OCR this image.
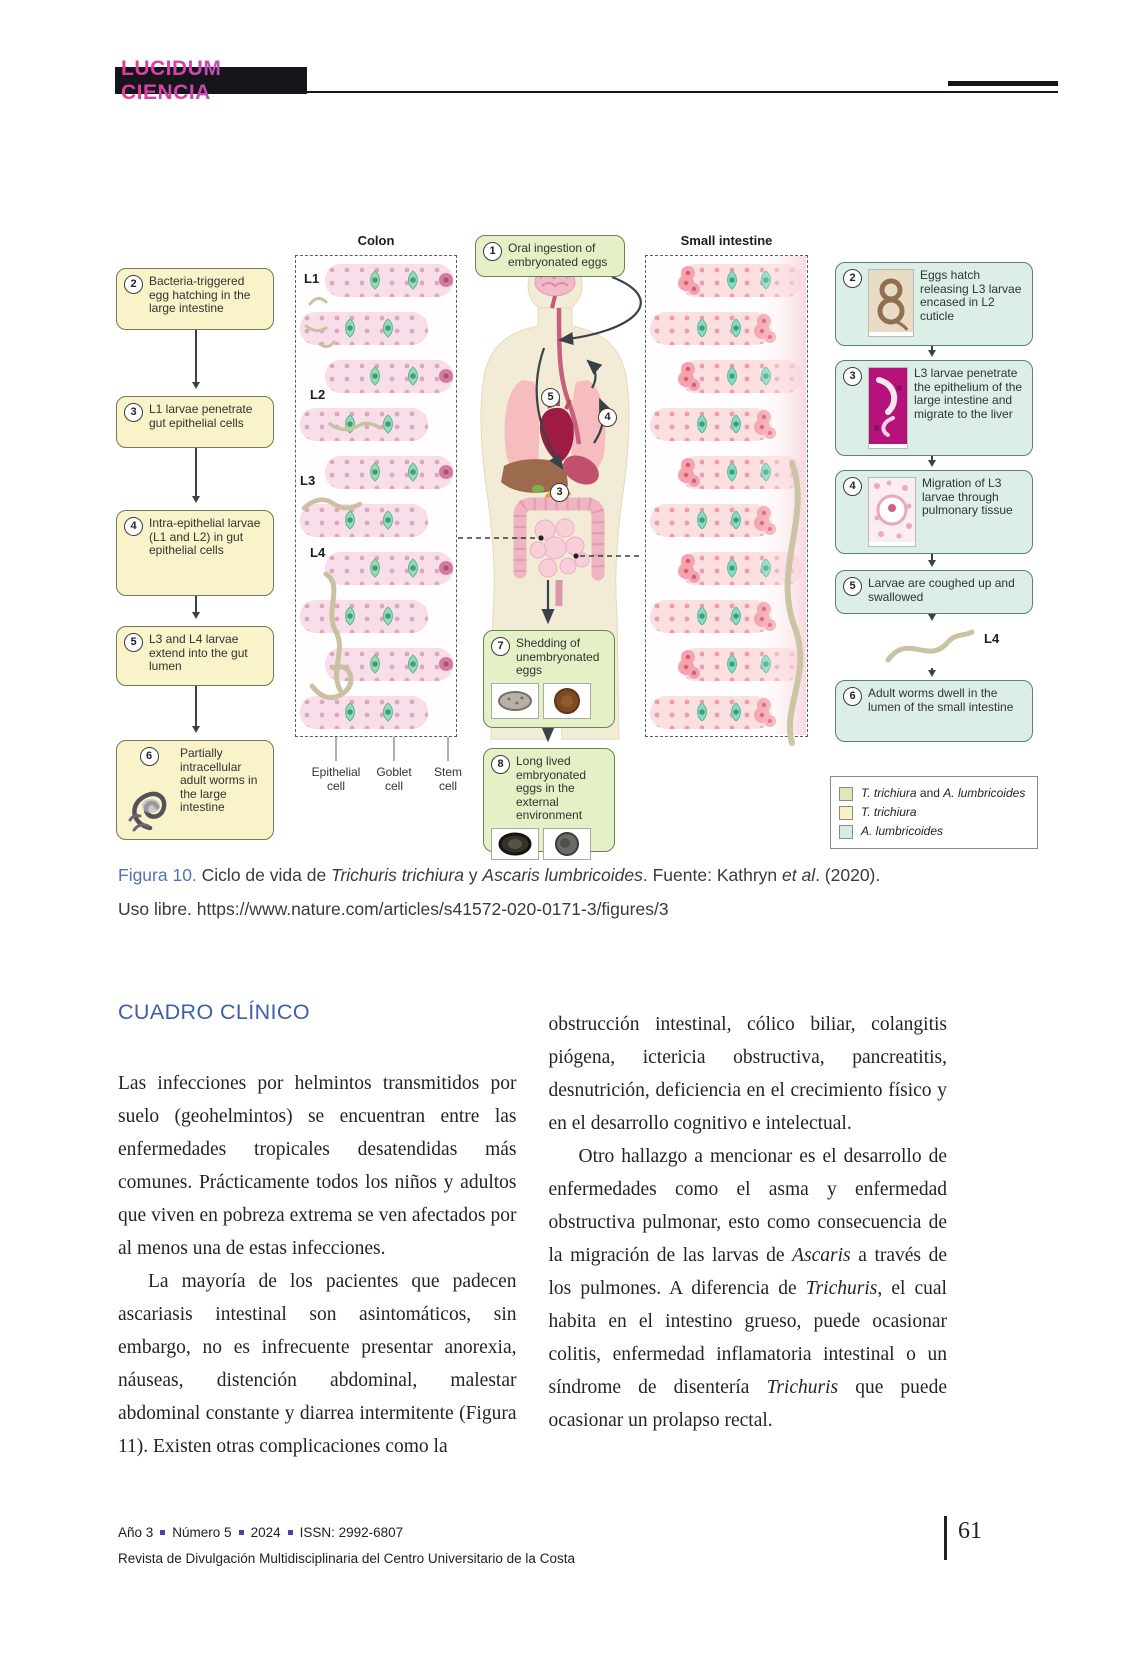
LUCIDUM CIENCIA
2	Bacteria-triggered egg hatching in the large intestine
3	L1 larvae penetrate gut epithelial cells
4	Intra-epithelial larvae (L1 and L2) in gut epithelial cells
5	L3 and L4 larvae extend into the gut lumen
6	Partially intracellular adult worms in the large intestine
Colon
L1
L2
L3
L4
Epithelial
cell
Goblet
cell
Stem
cell
1	Oral ingestion of embryonated eggs
5
4
3
7	Shedding of unembryonated eggs
8	Long lived embryonated eggs in the external environment
Small intestine
2	Eggs hatch releasing L3 larvae encased in L2 cuticle
3	L3 larvae penetrate the epithelium of the large intestine and migrate to the liver
4	Migration of L3 larvae through pulmonary tissue
5	Larvae are coughed up and swallowed
L4
6	Adult worms dwell in the lumen of the small intestine
T. trichiura and A. lumbricoides
T. trichiura
A. lumbricoides
Figura 10. Ciclo de vida de Trichuris trichiura y Ascaris lumbricoides. Fuente: Kathryn et al. (2020).
Uso libre. https://www.nature.com/articles/s41572-020-0171-3/figures/3
CUADRO CLÍNICO

Las infecciones por helmintos transmitidos por suelo (geohelmintos) se encuentran entre las enfermedades tropicales desatendidas más comunes. Prácticamente todos los niños y adultos que viven en pobreza extrema se ven afectados por al menos una de estas infecciones.

La mayoría de los pacientes que padecen ascariasis intestinal son asintomáticos, sin embargo, no es infrecuente presentar anorexia, náuseas, distención abdominal, malestar abdominal constante y diarrea intermitente (Figura 11). Existen otras complicaciones como la

obstrucción intestinal, cólico biliar, colangitis piógena, ictericia obstructiva, pancreatitis, desnutrición, deficiencia en el crecimiento físico y en el desarrollo cognitivo e intelectual.

Otro hallazgo a mencionar es el desarrollo de enfermedades como el asma y enfermedad obstructiva pulmonar, esto como consecuencia de la migración de las larvas de Ascaris a través de los pulmones. A diferencia de Trichuris, el cual habita en el intestino grueso, puede ocasionar colitis, enfermedad inflamatoria intestinal o un síndrome de disentería Trichuris que puede ocasionar un prolapso rectal.

Año 3 Número 5 2024 ISSN: 2992-6807
Revista de Divulgación Multidisciplinaria del Centro Universitario de la Costa
61
